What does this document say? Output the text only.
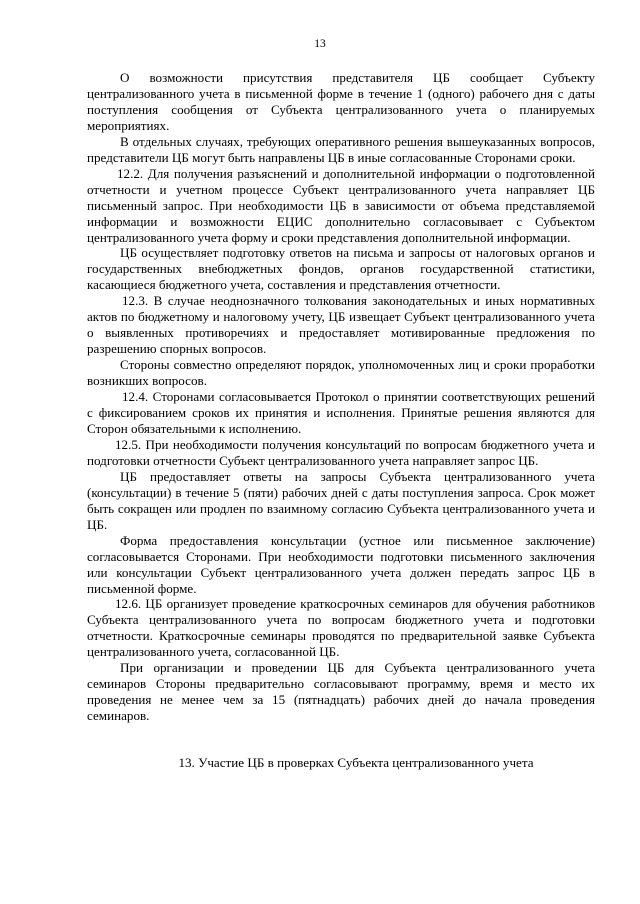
13

О возможности присутствия представителя ЦБ сообщает Субъекту централизованного учета в письменной форме в течение 1 (одного) рабочего дня с даты поступления сообщения от Субъекта централизованного учета о планируемых мероприятиях.

В отдельных случаях, требующих оперативного решения вышеуказанных вопросов, представители ЦБ могут быть направлены ЦБ в иные согласованные Сторонами сроки.

12.2. Для получения разъяснений и дополнительной информации о подготовленной отчетности и учетном процессе Субъект централизованного учета направляет ЦБ письменный запрос. При необходимости ЦБ в зависимости от объема представляемой информации и возможности ЕЦИС дополнительно согласовывает с Субъектом централизованного учета форму и сроки представления дополнительной информации.

ЦБ осуществляет подготовку ответов на письма и запросы от налоговых органов и государственных внебюджетных фондов, органов государственной статистики, касающиеся бюджетного учета, составления и представления отчетности.

12.3. В случае неоднозначного толкования законодательных и иных нормативных актов по бюджетному и налоговому учету, ЦБ извещает Субъект централизованного учета о выявленных противоречиях и предоставляет мотивированные предложения по разрешению спорных вопросов.

Стороны совместно определяют порядок, уполномоченных лиц и сроки проработки возникших вопросов.

12.4. Сторонами согласовывается Протокол о принятии соответствующих решений с фиксированием сроков их принятия и исполнения. Принятые решения являются для Сторон обязательными к исполнению.

12.5. При необходимости получения консультаций по вопросам бюджетного учета и подготовки отчетности Субъект централизованного учета направляет запрос ЦБ.

ЦБ предоставляет ответы на запросы Субъекта централизованного учета (консультации) в течение 5 (пяти) рабочих дней с даты поступления запроса. Срок может быть сокращен или продлен по взаимному согласию Субъекта централизованного учета и ЦБ.

Форма предоставления консультации (устное или письменное заключение) согласовывается Сторонами. При необходимости подготовки письменного заключения или консультации Субъект централизованного учета должен передать запрос ЦБ в письменной форме.

12.6. ЦБ организует проведение краткосрочных семинаров для обучения работников Субъекта централизованного учета по вопросам бюджетного учета и подготовки отчетности. Краткосрочные семинары проводятся по предварительной заявке Субъекта централизованного учета, согласованной ЦБ.

При организации и проведении ЦБ для Субъекта централизованного учета семинаров Стороны предварительно согласовывают программу, время и место их проведения не менее чем за 15 (пятнадцать) рабочих дней до начала проведения семинаров.

13. Участие ЦБ в проверках Субъекта централизованного учета
